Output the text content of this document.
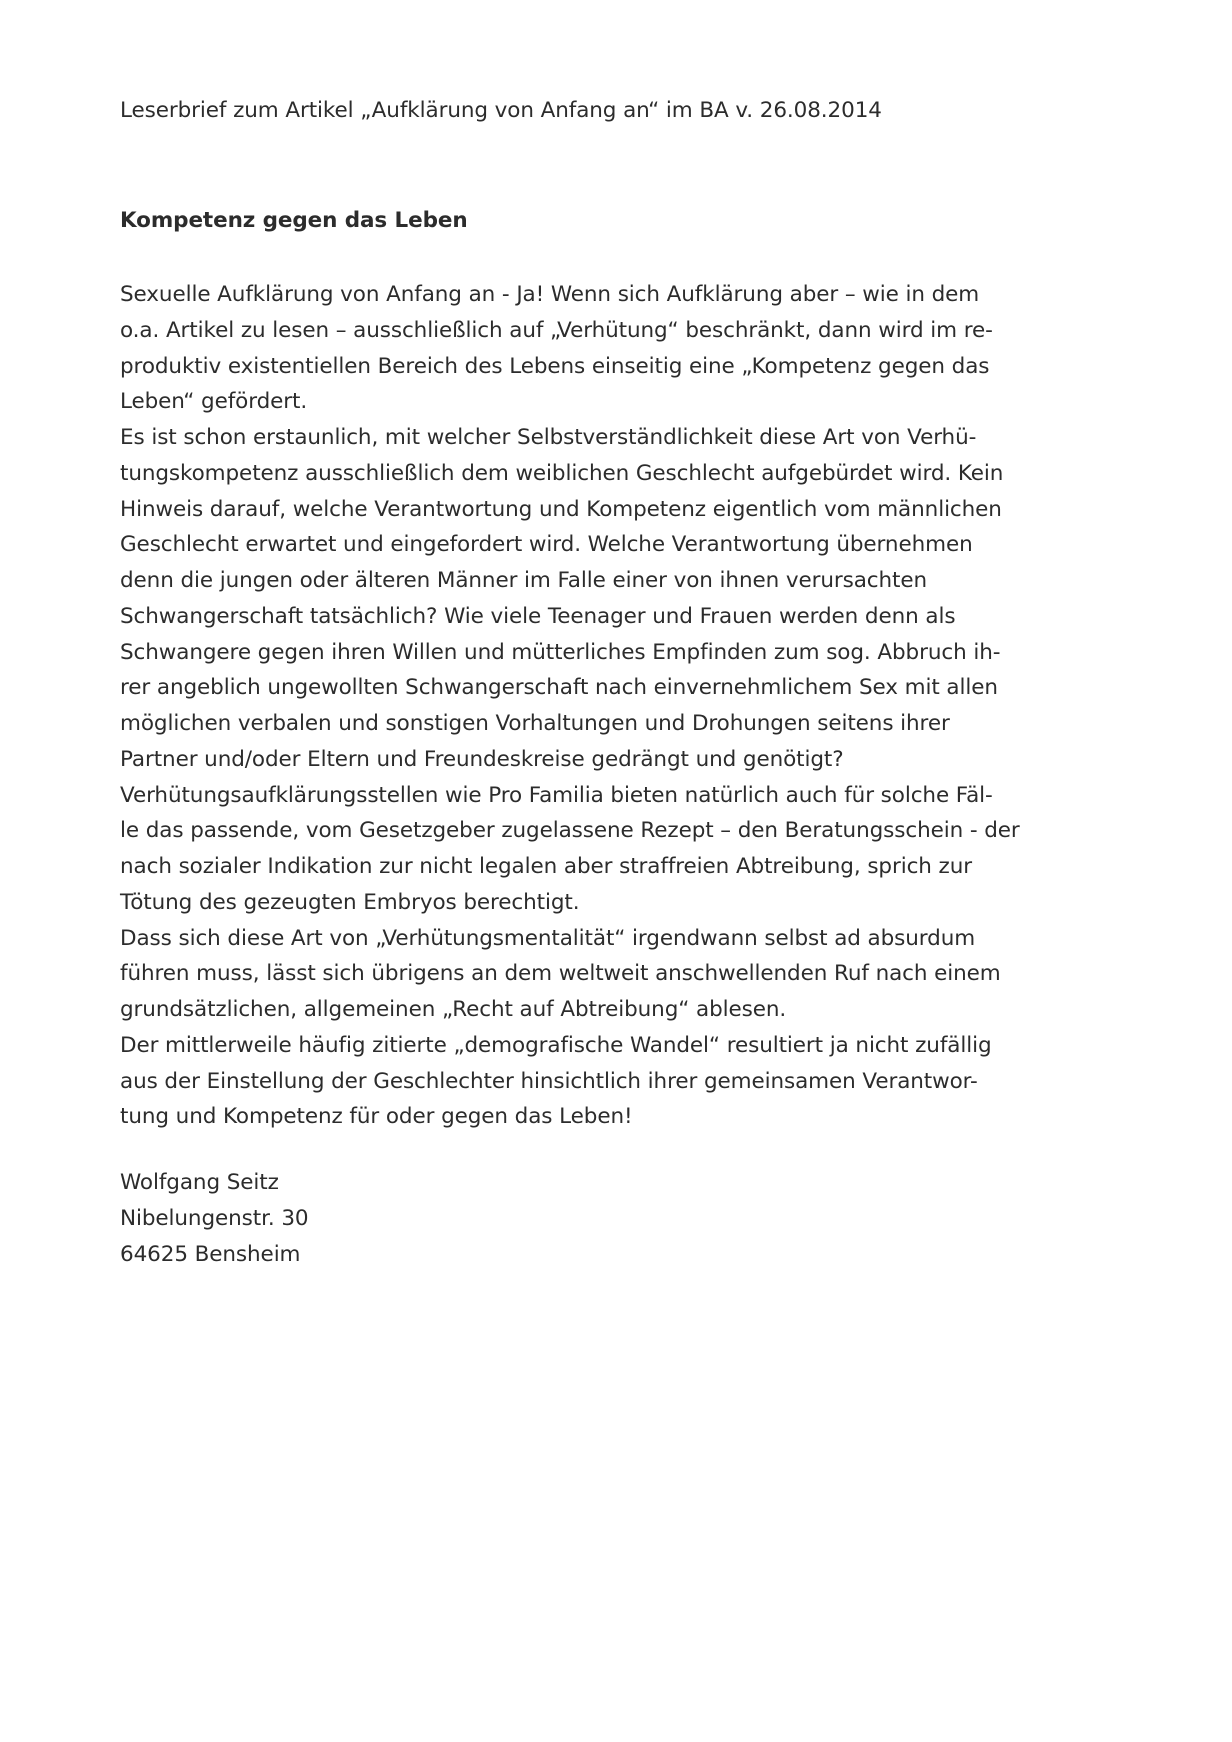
Leserbrief zum Artikel „Aufklärung von Anfang an“ im BA v. 26.08.2014
Kompetenz gegen das Leben
Sexuelle Aufklärung von Anfang an - Ja! Wenn sich Aufklärung aber – wie in dem
o.a. Artikel zu lesen – ausschließlich auf „Verhütung“ beschränkt, dann wird im re-
produktiv existentiellen Bereich des Lebens einseitig eine „Kompetenz gegen das
Leben“ gefördert.
Es ist schon erstaunlich, mit welcher Selbstverständlichkeit diese Art von Verhü-
tungskompetenz ausschließlich dem weiblichen Geschlecht aufgebürdet wird. Kein
Hinweis darauf, welche Verantwortung und Kompetenz eigentlich vom männlichen
Geschlecht erwartet und eingefordert wird. Welche Verantwortung übernehmen
denn die jungen oder älteren Männer im Falle einer von ihnen verursachten
Schwangerschaft tatsächlich? Wie viele Teenager und Frauen werden denn als
Schwangere gegen ihren Willen und mütterliches Empfinden zum sog. Abbruch ih-
rer angeblich ungewollten Schwangerschaft nach einvernehmlichem Sex mit allen
möglichen verbalen und sonstigen Vorhaltungen und Drohungen seitens ihrer
Partner und/oder Eltern und Freundeskreise gedrängt und genötigt?
Verhütungsaufklärungsstellen wie Pro Familia bieten natürlich auch für solche Fäl-
le das passende, vom Gesetzgeber zugelassene Rezept – den Beratungsschein - der
nach sozialer Indikation zur nicht legalen aber straffreien Abtreibung, sprich zur
Tötung des gezeugten Embryos berechtigt.
Dass sich diese Art von „Verhütungsmentalität“ irgendwann selbst ad absurdum
führen muss, lässt sich übrigens an dem weltweit anschwellenden Ruf nach einem
grundsätzlichen, allgemeinen „Recht auf Abtreibung“ ablesen.
Der mittlerweile häufig zitierte „demografische Wandel“ resultiert ja nicht zufällig
aus der Einstellung der Geschlechter hinsichtlich ihrer gemeinsamen Verantwor-
tung und Kompetenz für oder gegen das Leben!
Wolfgang Seitz
Nibelungenstr. 30
64625 Bensheim
